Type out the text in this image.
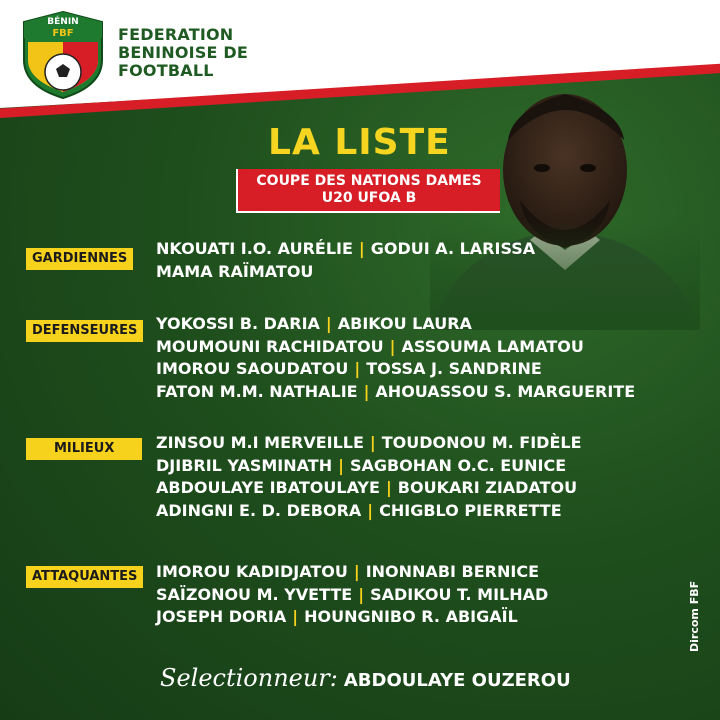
BÉNIN
FBF	FEDERATION
BENINOISE DE
FOOTBALL
LA LISTE
COUPE DES NATIONS DAMES
U20 UFOA B
GARDIENNES
NKOUATI I.O. AURÉLIE | GODUI A. LARISSA
MAMA RAÏMATOU
DEFENSEURES	YOKOSSI B. DARIA | ABIKOU LAURA
MOUMOUNI RACHIDATOU | ASSOUMA LAMATOU
IMOROU SAOUDATOU | TOSSA J. SANDRINE
FATON M.M. NATHALIE | AHOUASSOU S. MARGUERITE
MILIEUX	ZINSOU M.I MERVEILLE | TOUDONOU M. FIDÈLE
DJIBRIL YASMINATH | SAGBOHAN O.C. EUNICE
ABDOULAYE IBATOULAYE | BOUKARI ZIADATOU
ADINGNI E. D. DEBORA | CHIGBLO PIERRETTE
ATTAQUANTES	IMOROU KADIDJATOU | INONNABI BERNICE
SAÏZONOU M. YVETTE | SADIKOU T. MILHAD
JOSEPH DORIA | HOUNGNIBO R. ABIGAÏL
Selectionneur: ABDOULAYE OUZEROU
Dircom FBF
